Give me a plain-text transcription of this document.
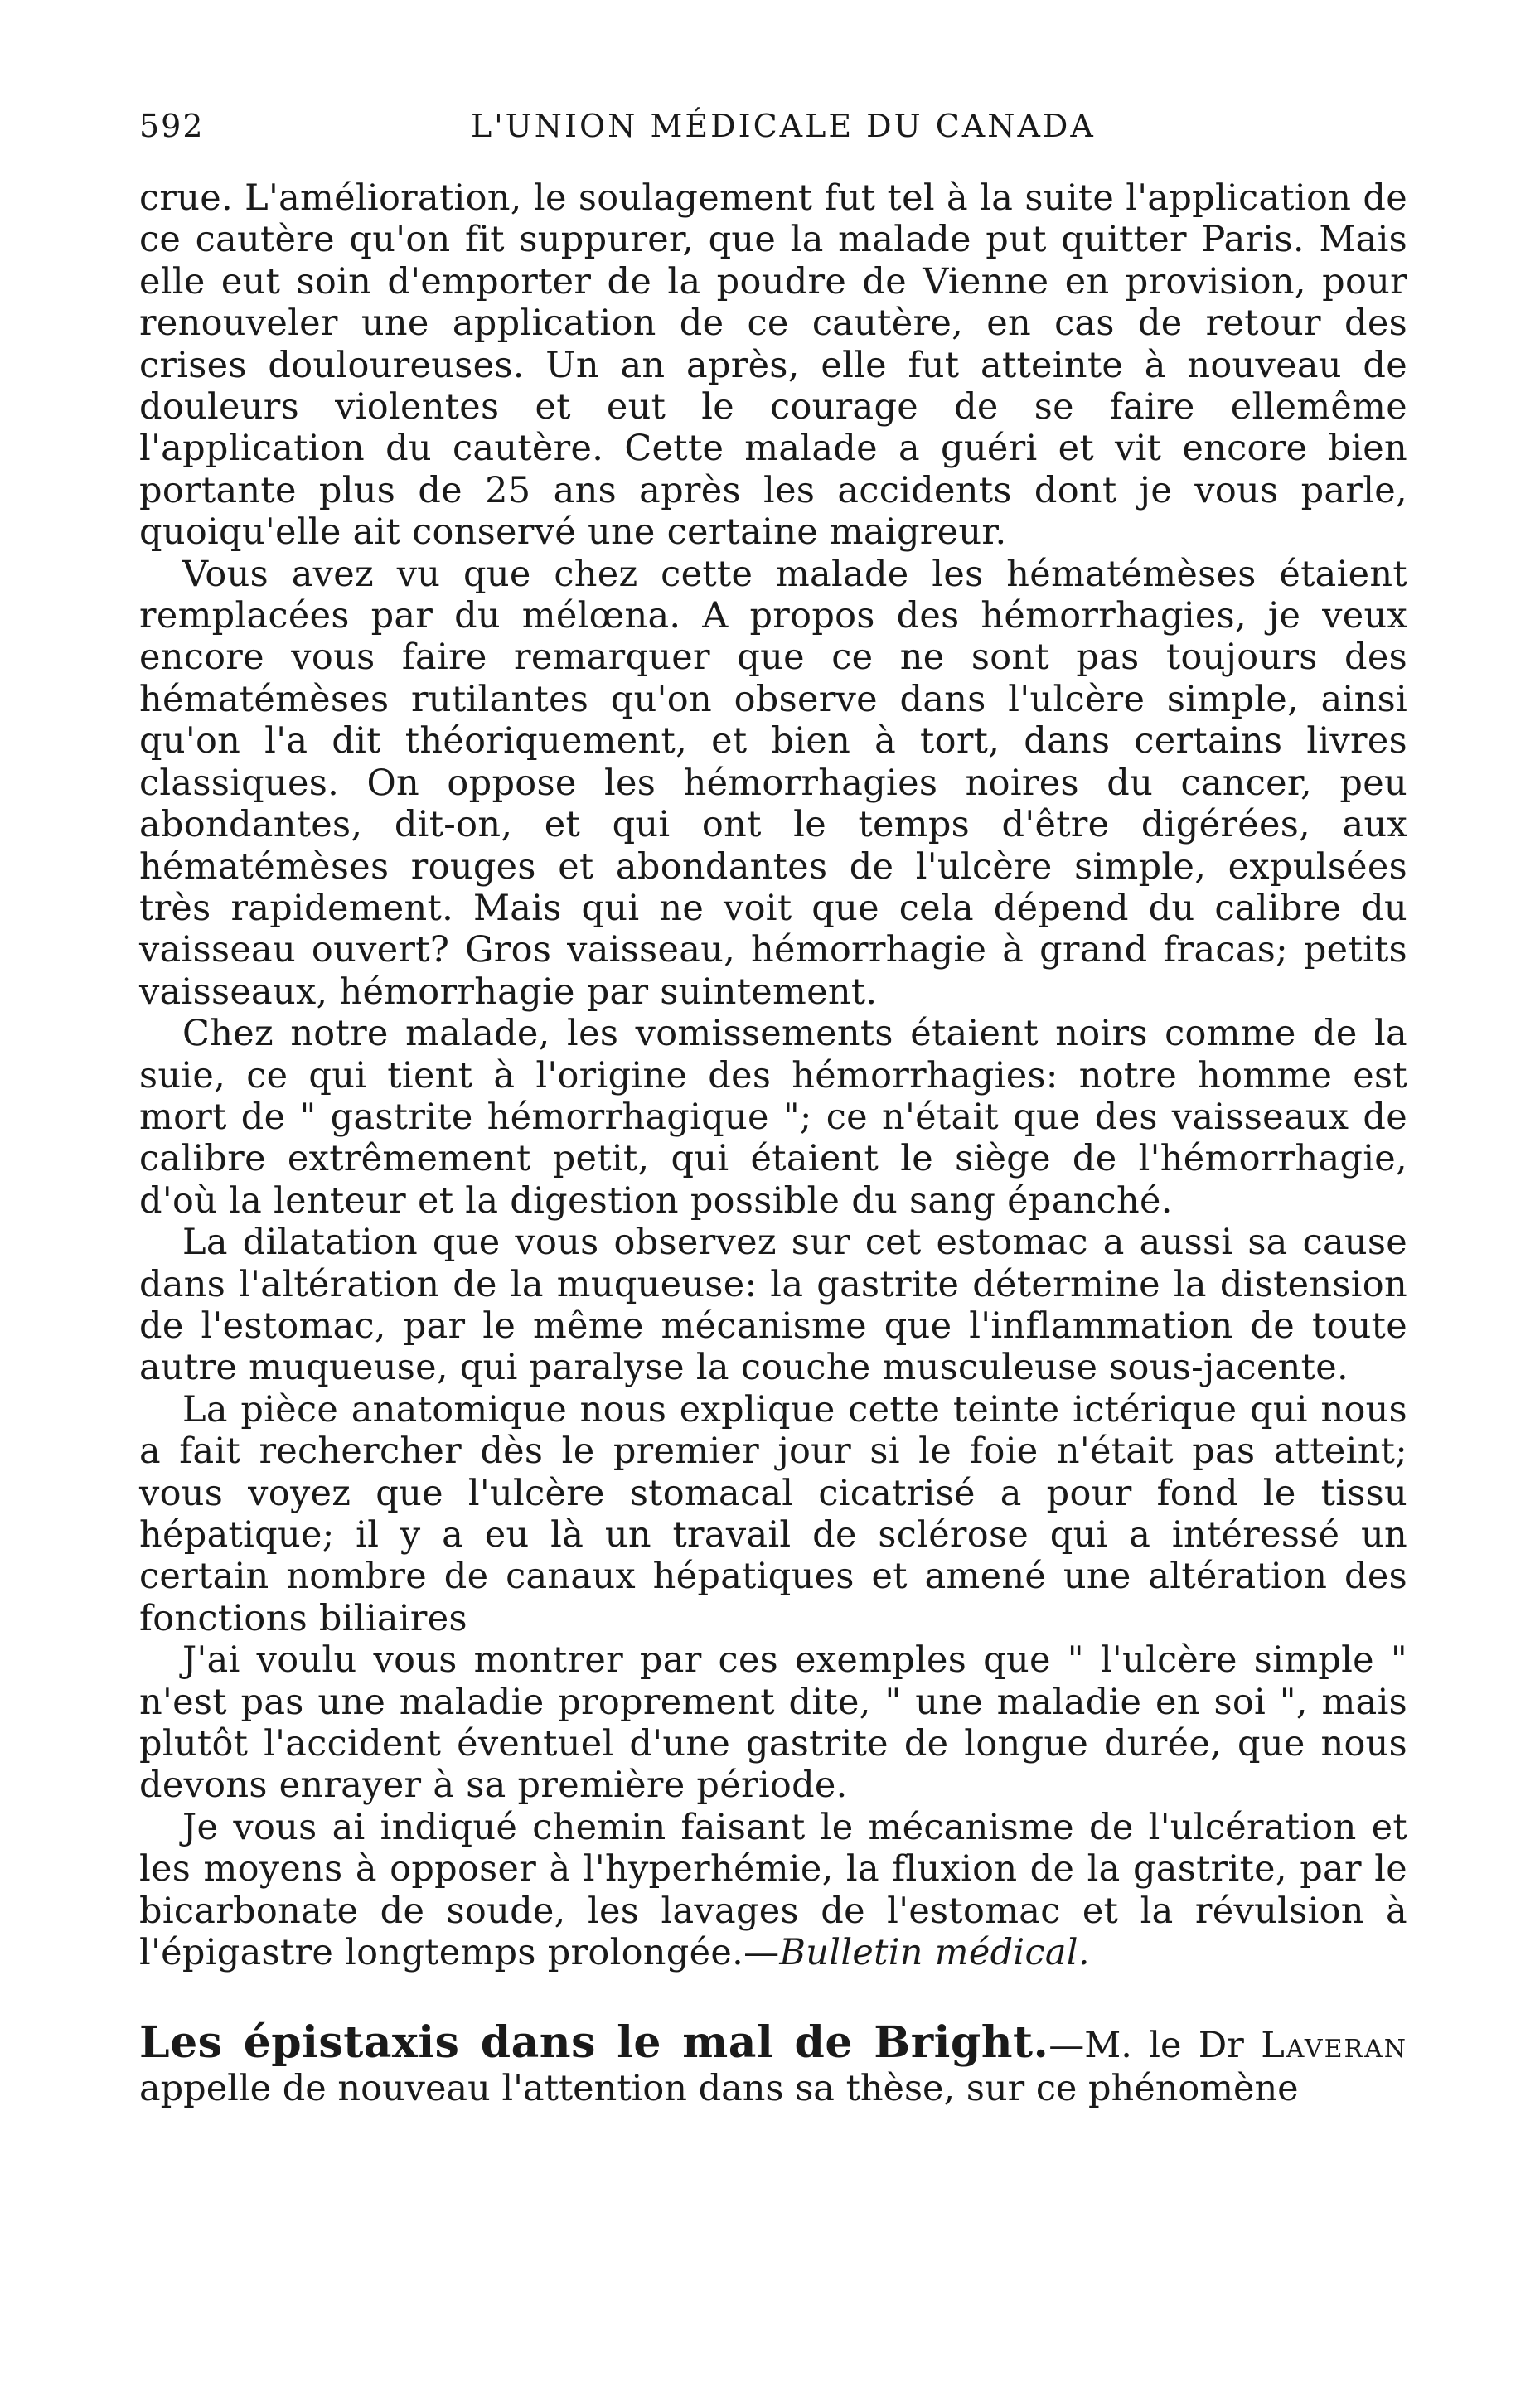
592	L'UNION MÉDICALE DU CANADA

crue. L'amélioration, le soulagement fut tel à la suite l'application de ce cautère qu'on fit suppurer, que la malade put quitter Paris. Mais elle eut soin d'emporter de la poudre de Vienne en provision, pour renouveler une application de ce cautère, en cas de retour des crises douloureuses. Un an après, elle fut atteinte à nouveau de douleurs violentes et eut le courage de se faire ellemême l'application du cautère. Cette malade a guéri et vit encore bien portante plus de 25 ans après les accidents dont je vous parle, quoiqu'elle ait conservé une certaine maigreur.

Vous avez vu que chez cette malade les hématémèses étaient remplacées par du mélœna. A propos des hémorrhagies, je veux encore vous faire remarquer que ce ne sont pas toujours des hématémèses rutilantes qu'on observe dans l'ulcère simple, ainsi qu'on l'a dit théoriquement, et bien à tort, dans certains livres classiques. On oppose les hémorrhagies noires du cancer, peu abondantes, dit-on, et qui ont le temps d'être digérées, aux hématémèses rouges et abondantes de l'ulcère simple, expulsées très rapidement. Mais qui ne voit que cela dépend du calibre du vaisseau ouvert? Gros vaisseau, hémorrhagie à grand fracas; petits vaisseaux, hémorrhagie par suintement.

Chez notre malade, les vomissements étaient noirs comme de la suie, ce qui tient à l'origine des hémorrhagies: notre homme est mort de " gastrite hémorrhagique "; ce n'était que des vaisseaux de calibre extrêmement petit, qui étaient le siège de l'hémorrhagie, d'où la lenteur et la digestion possible du sang épanché.

La dilatation que vous observez sur cet estomac a aussi sa cause dans l'altération de la muqueuse: la gastrite détermine la distension de l'estomac, par le même mécanisme que l'inflammation de toute autre muqueuse, qui paralyse la couche musculeuse sous-jacente.

La pièce anatomique nous explique cette teinte ictérique qui nous a fait rechercher dès le premier jour si le foie n'était pas atteint; vous voyez que l'ulcère stomacal cicatrisé a pour fond le tissu hépatique; il y a eu là un travail de sclérose qui a intéressé un certain nombre de canaux hépatiques et amené une altération des fonctions biliaires

J'ai voulu vous montrer par ces exemples que " l'ulcère simple " n'est pas une maladie proprement dite, " une maladie en soi ", mais plutôt l'accident éventuel d'une gastrite de longue durée, que nous devons enrayer à sa première période.

Je vous ai indiqué chemin faisant le mécanisme de l'ulcération et les moyens à opposer à l'hyperhémie, la fluxion de la gastrite, par le bicarbonate de soude, les lavages de l'estomac et la révulsion à l'épigastre longtemps prolongée.—Bulletin médical.

Les épistaxis dans le mal de Bright.—M. le Dr Laveran appelle de nouveau l'attention dans sa thèse, sur ce phénomène
